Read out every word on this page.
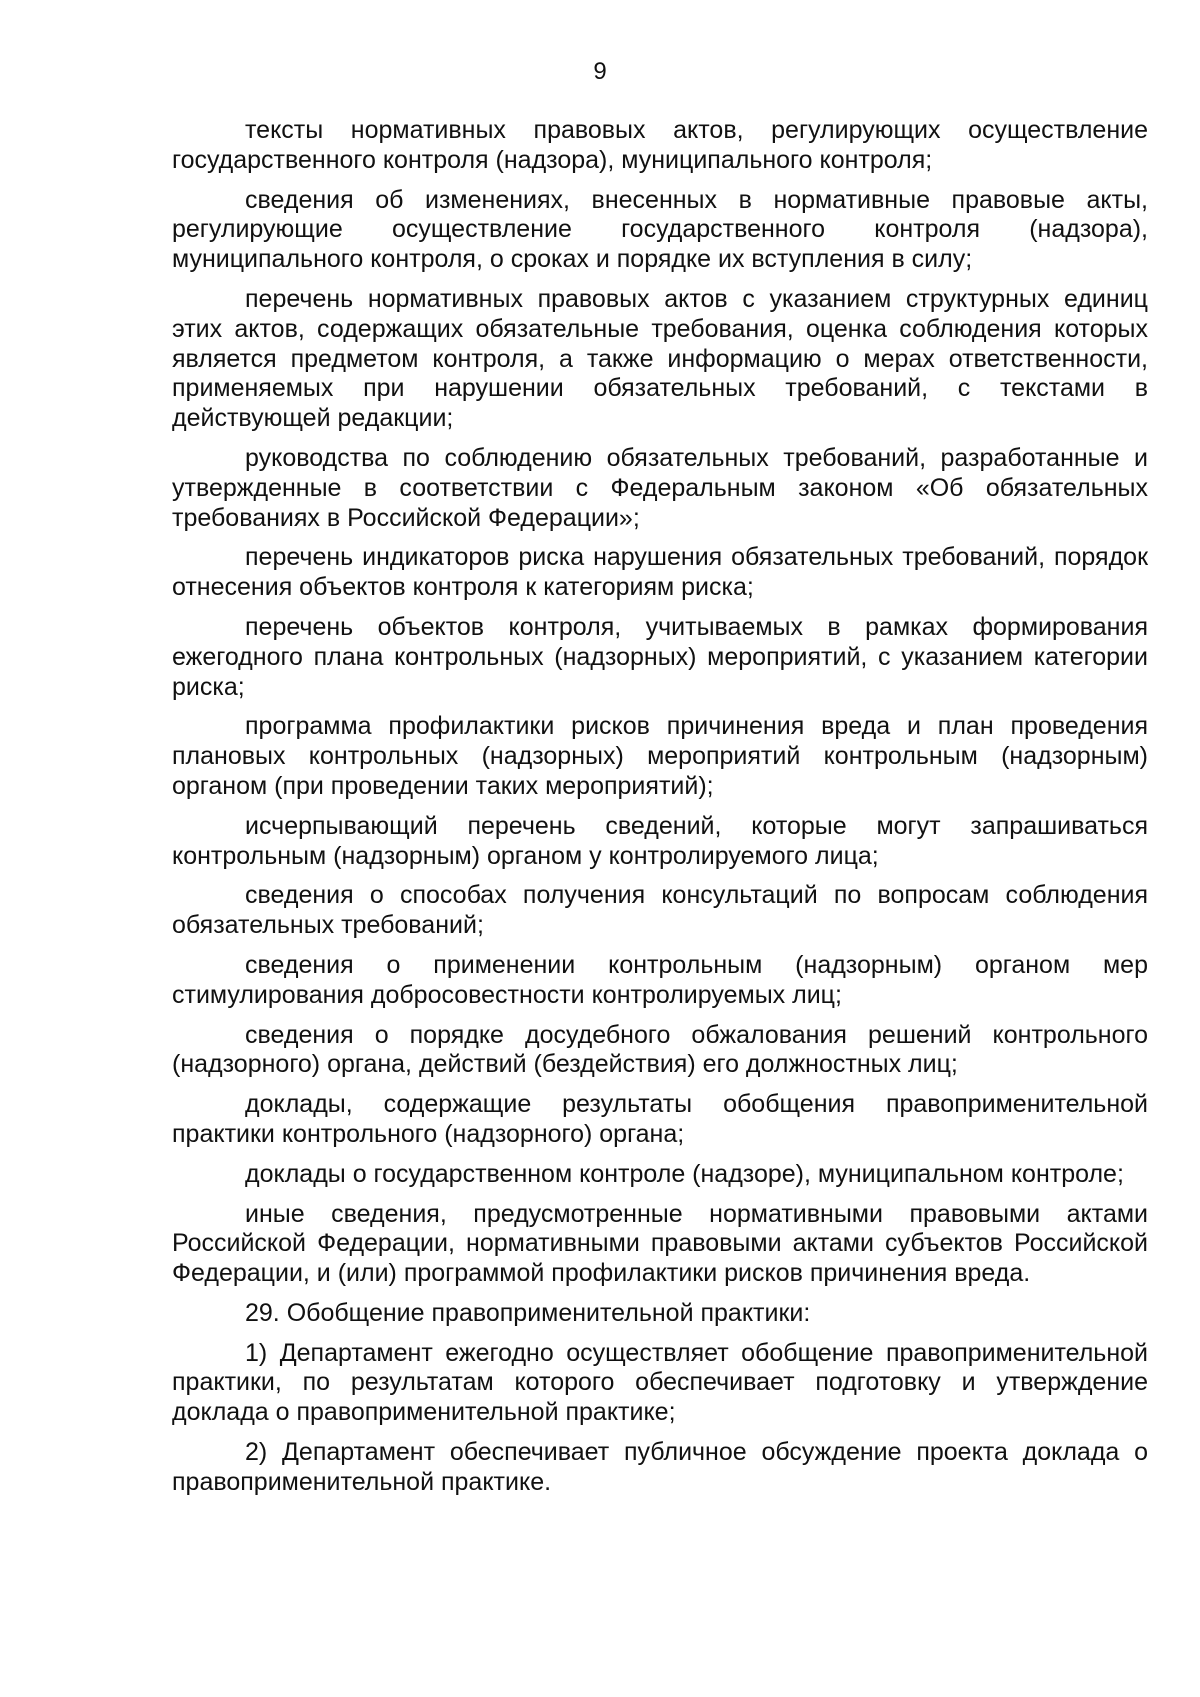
9

тексты нормативных правовых актов, регулирующих осуществление государственного контроля (надзора), муниципального контроля;

сведения об изменениях, внесенных в нормативные правовые акты, регулирующие осуществление государственного контроля (надзора), муниципального контроля, о сроках и порядке их вступления в силу;

перечень нормативных правовых актов с указанием структурных единиц этих актов, содержащих обязательные требования, оценка соблюдения которых является предметом контроля, а также информацию о мерах ответственности, применяемых при нарушении обязательных требований, с текстами в действующей редакции;

руководства по соблюдению обязательных требований, разработанные и утвержденные в соответствии с Федеральным законом «Об обязательных требованиях в Российской Федерации»;

перечень индикаторов риска нарушения обязательных требований, порядок отнесения объектов контроля к категориям риска;

перечень объектов контроля, учитываемых в рамках формирования ежегодного плана контрольных (надзорных) мероприятий, с указанием категории риска;

программа профилактики рисков причинения вреда и план проведения плановых контрольных (надзорных) мероприятий контрольным (надзорным) органом (при проведении таких мероприятий);

исчерпывающий перечень сведений, которые могут запрашиваться контрольным (надзорным) органом у контролируемого лица;

сведения о способах получения консультаций по вопросам соблюдения обязательных требований;

сведения о применении контрольным (надзорным) органом мер стимулирования добросовестности контролируемых лиц;

сведения о порядке досудебного обжалования решений контрольного (надзорного) органа, действий (бездействия) его должностных лиц;

доклады, содержащие результаты обобщения правоприменительной практики контрольного (надзорного) органа;

доклады о государственном контроле (надзоре), муниципальном контроле;

иные сведения, предусмотренные нормативными правовыми актами Российской Федерации, нормативными правовыми актами субъектов Российской Федерации, и (или) программой профилактики рисков причинения вреда.

29. Обобщение правоприменительной практики:

1) Департамент ежегодно осуществляет обобщение правоприменительной практики, по результатам которого обеспечивает подготовку и утверждение доклада о правоприменительной практике;

2) Департамент обеспечивает публичное обсуждение проекта доклада о правоприменительной практике.
